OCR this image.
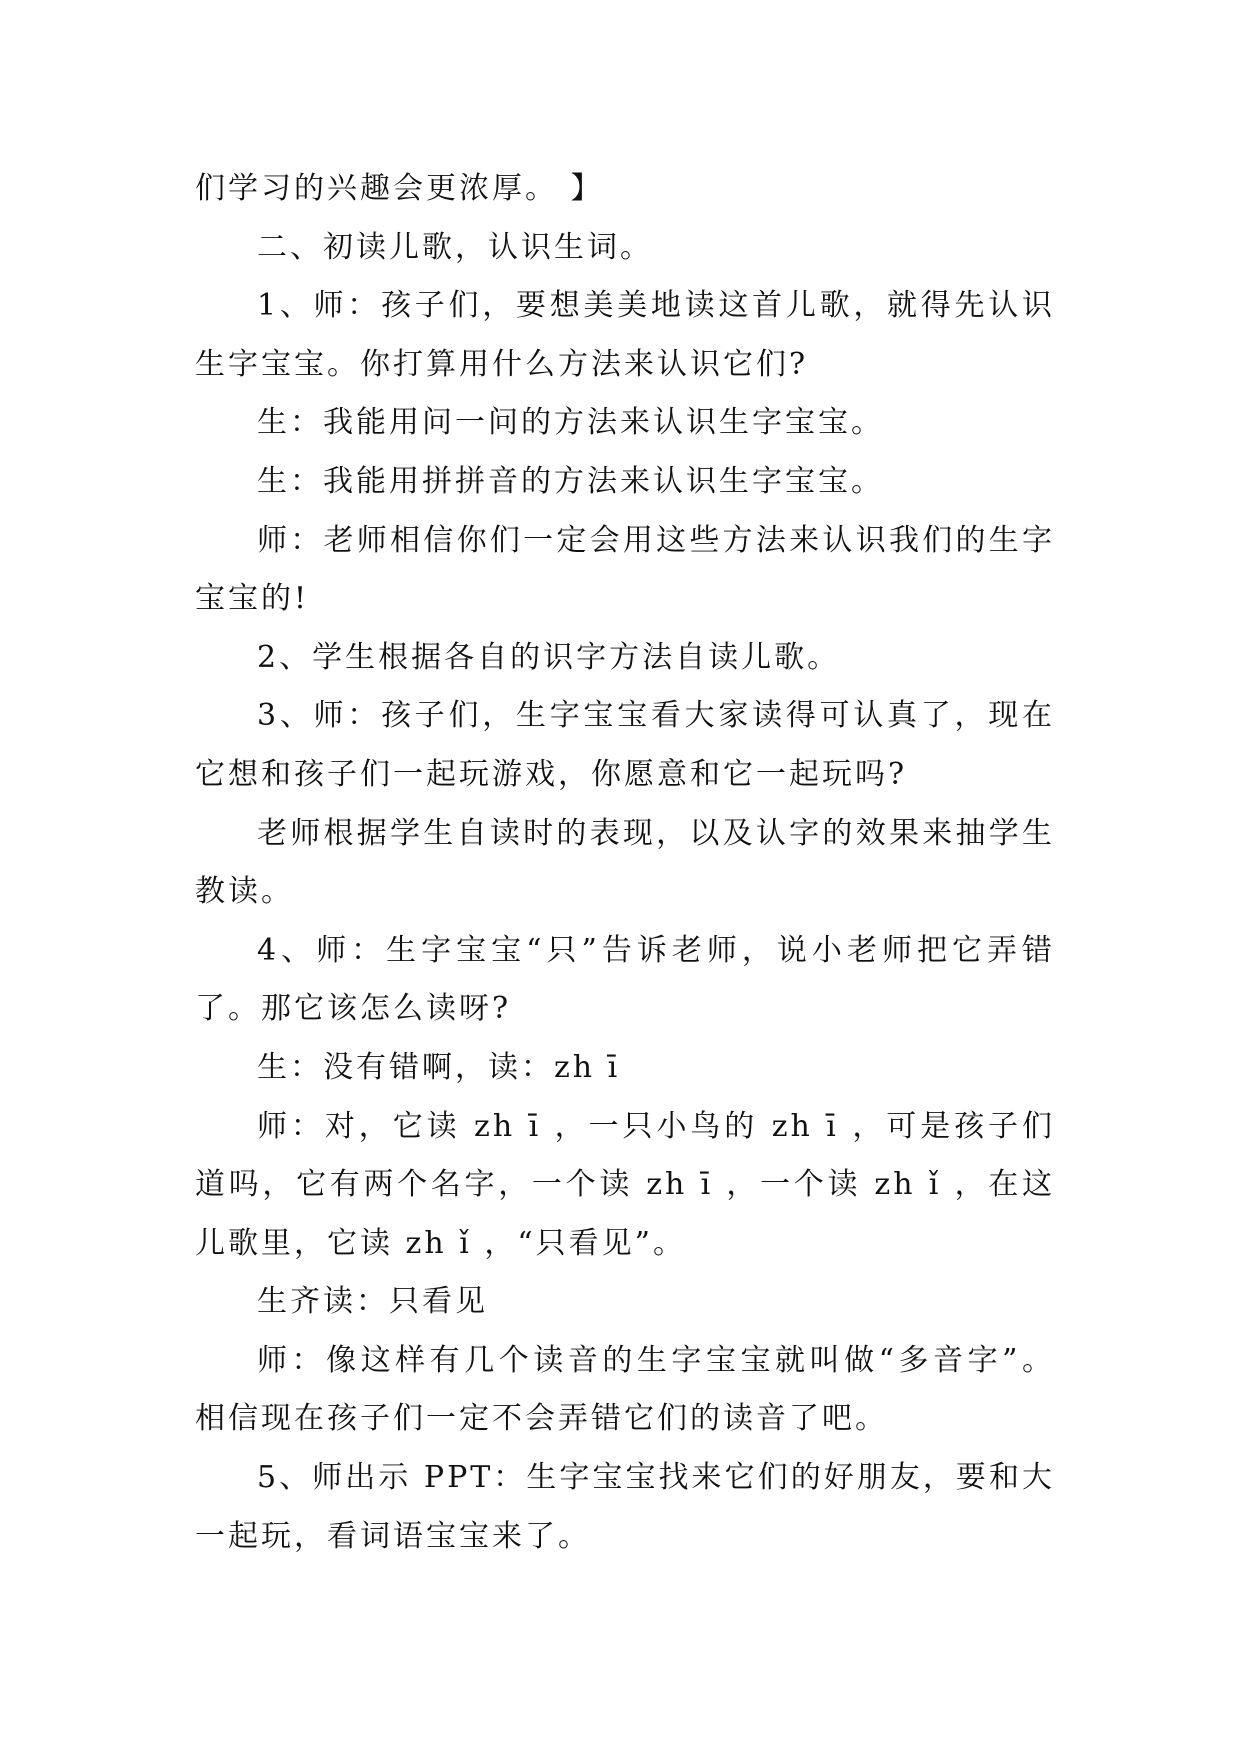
们学习的兴趣会更浓厚。 】
二、初读儿歌，认识生词。
1、师：孩子们，要想美美地读这首儿歌，就得先认识
生字宝宝。你打算用什么方法来认识它们?
生：我能用问一问的方法来认识生字宝宝。
生：我能用拼拼音的方法来认识生字宝宝。
师：老师相信你们一定会用这些方法来认识我们的生字
宝宝的!
2、学生根据各自的识字方法自读儿歌。
3、师：孩子们，生字宝宝看大家读得可认真了，现在
它想和孩子们一起玩游戏，你愿意和它一起玩吗?
老师根据学生自读时的表现，以及认字的效果来抽学生
教读。
4、师：生字宝宝“只”告诉老师，说小老师把它弄错
了。那它该怎么读呀?
生：没有错啊，读：zh ī
师：对，它读 zh ī ，一只小鸟的 zh ī ，可是孩子们
道吗，它有两个名字，一个读 zh ī ，一个读 zh ǐ ，在这
儿歌里，它读 zh ǐ ，“只看见”。
生齐读：只看见
师：像这样有几个读音的生字宝宝就叫做“多音字”。
相信现在孩子们一定不会弄错它们的读音了吧。
5、师出示 PPT：生字宝宝找来它们的好朋友，要和大
一起玩，看词语宝宝来了。
